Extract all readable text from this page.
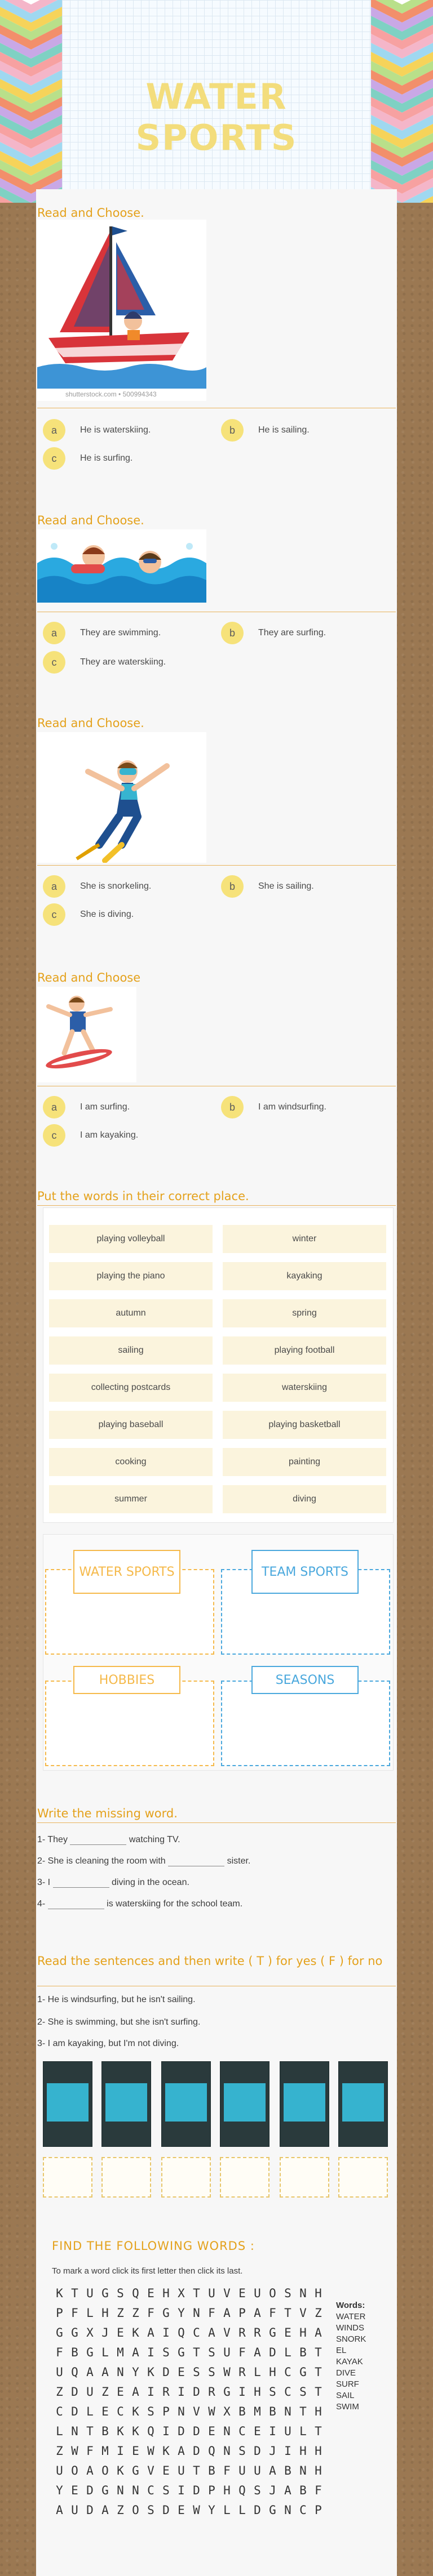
WATER SPORTS
Read and Choose.
shutterstock.com • 500994343
a	He is waterskiing.	b	He is sailing.
c	He is surfing.
Read and Choose.
a	They are swimming.	b	They are surfing.
c	They are waterskiing.
Read and Choose.
a	She is snorkeling.	b	She is sailing.
c	She is diving.
Read and Choose
a	I am surfing.	b	I am windsurfing.
c	I am kayaking.
Put the words in their correct place.
playing volleyball	winter
playing the piano	kayaking
autumn	spring
sailing	playing football
collecting postcards	waterskiing
playing baseball	playing basketball
cooking	painting
summer	diving
WATER SPORTS	TEAM SPORTS
HOBBIES	SEASONS
Write the missing word.
1- They	watching TV.
2- She is cleaning the room with	sister.
3- I	diving in the ocean.
4-	is waterskiing for the school team.
Read the sentences and then write ( T ) for yes ( F ) for no
1- He is windsurfing, but he isn't sailing.
2- She is swimming, but she isn't surfing.
3- I am kayaking, but I'm not diving.
FIND THE FOLLOWING WORDS :
To mark a word click its first letter then click its last.
K T U G S Q E H X T U V E U O S N H
P F L H Z Z F G Y N F A P A F T V Z
G G X J E K A I Q C A V R R G E H A
F B G L M A I S G T S U F A D L B T
U Q A A N Y K D E S S W R L H C G T
Z D U Z E A I R I D R G I H S C S T
C D L E C K S P N V W X B M B N T H
L N T B K K Q I D D E N C E I U L T
Z W F M I E W K A D Q N S D J I H H
U O A O K G V E U T B F U U A B N H
Y E D G N N C S I D P H Q S J A B F
A U D A Z O S D E W Y L L D G N C P
Words:
WATER
WINDS
SNORK
EL
KAYAK
DIVE
SURF
SAIL
SWIM
